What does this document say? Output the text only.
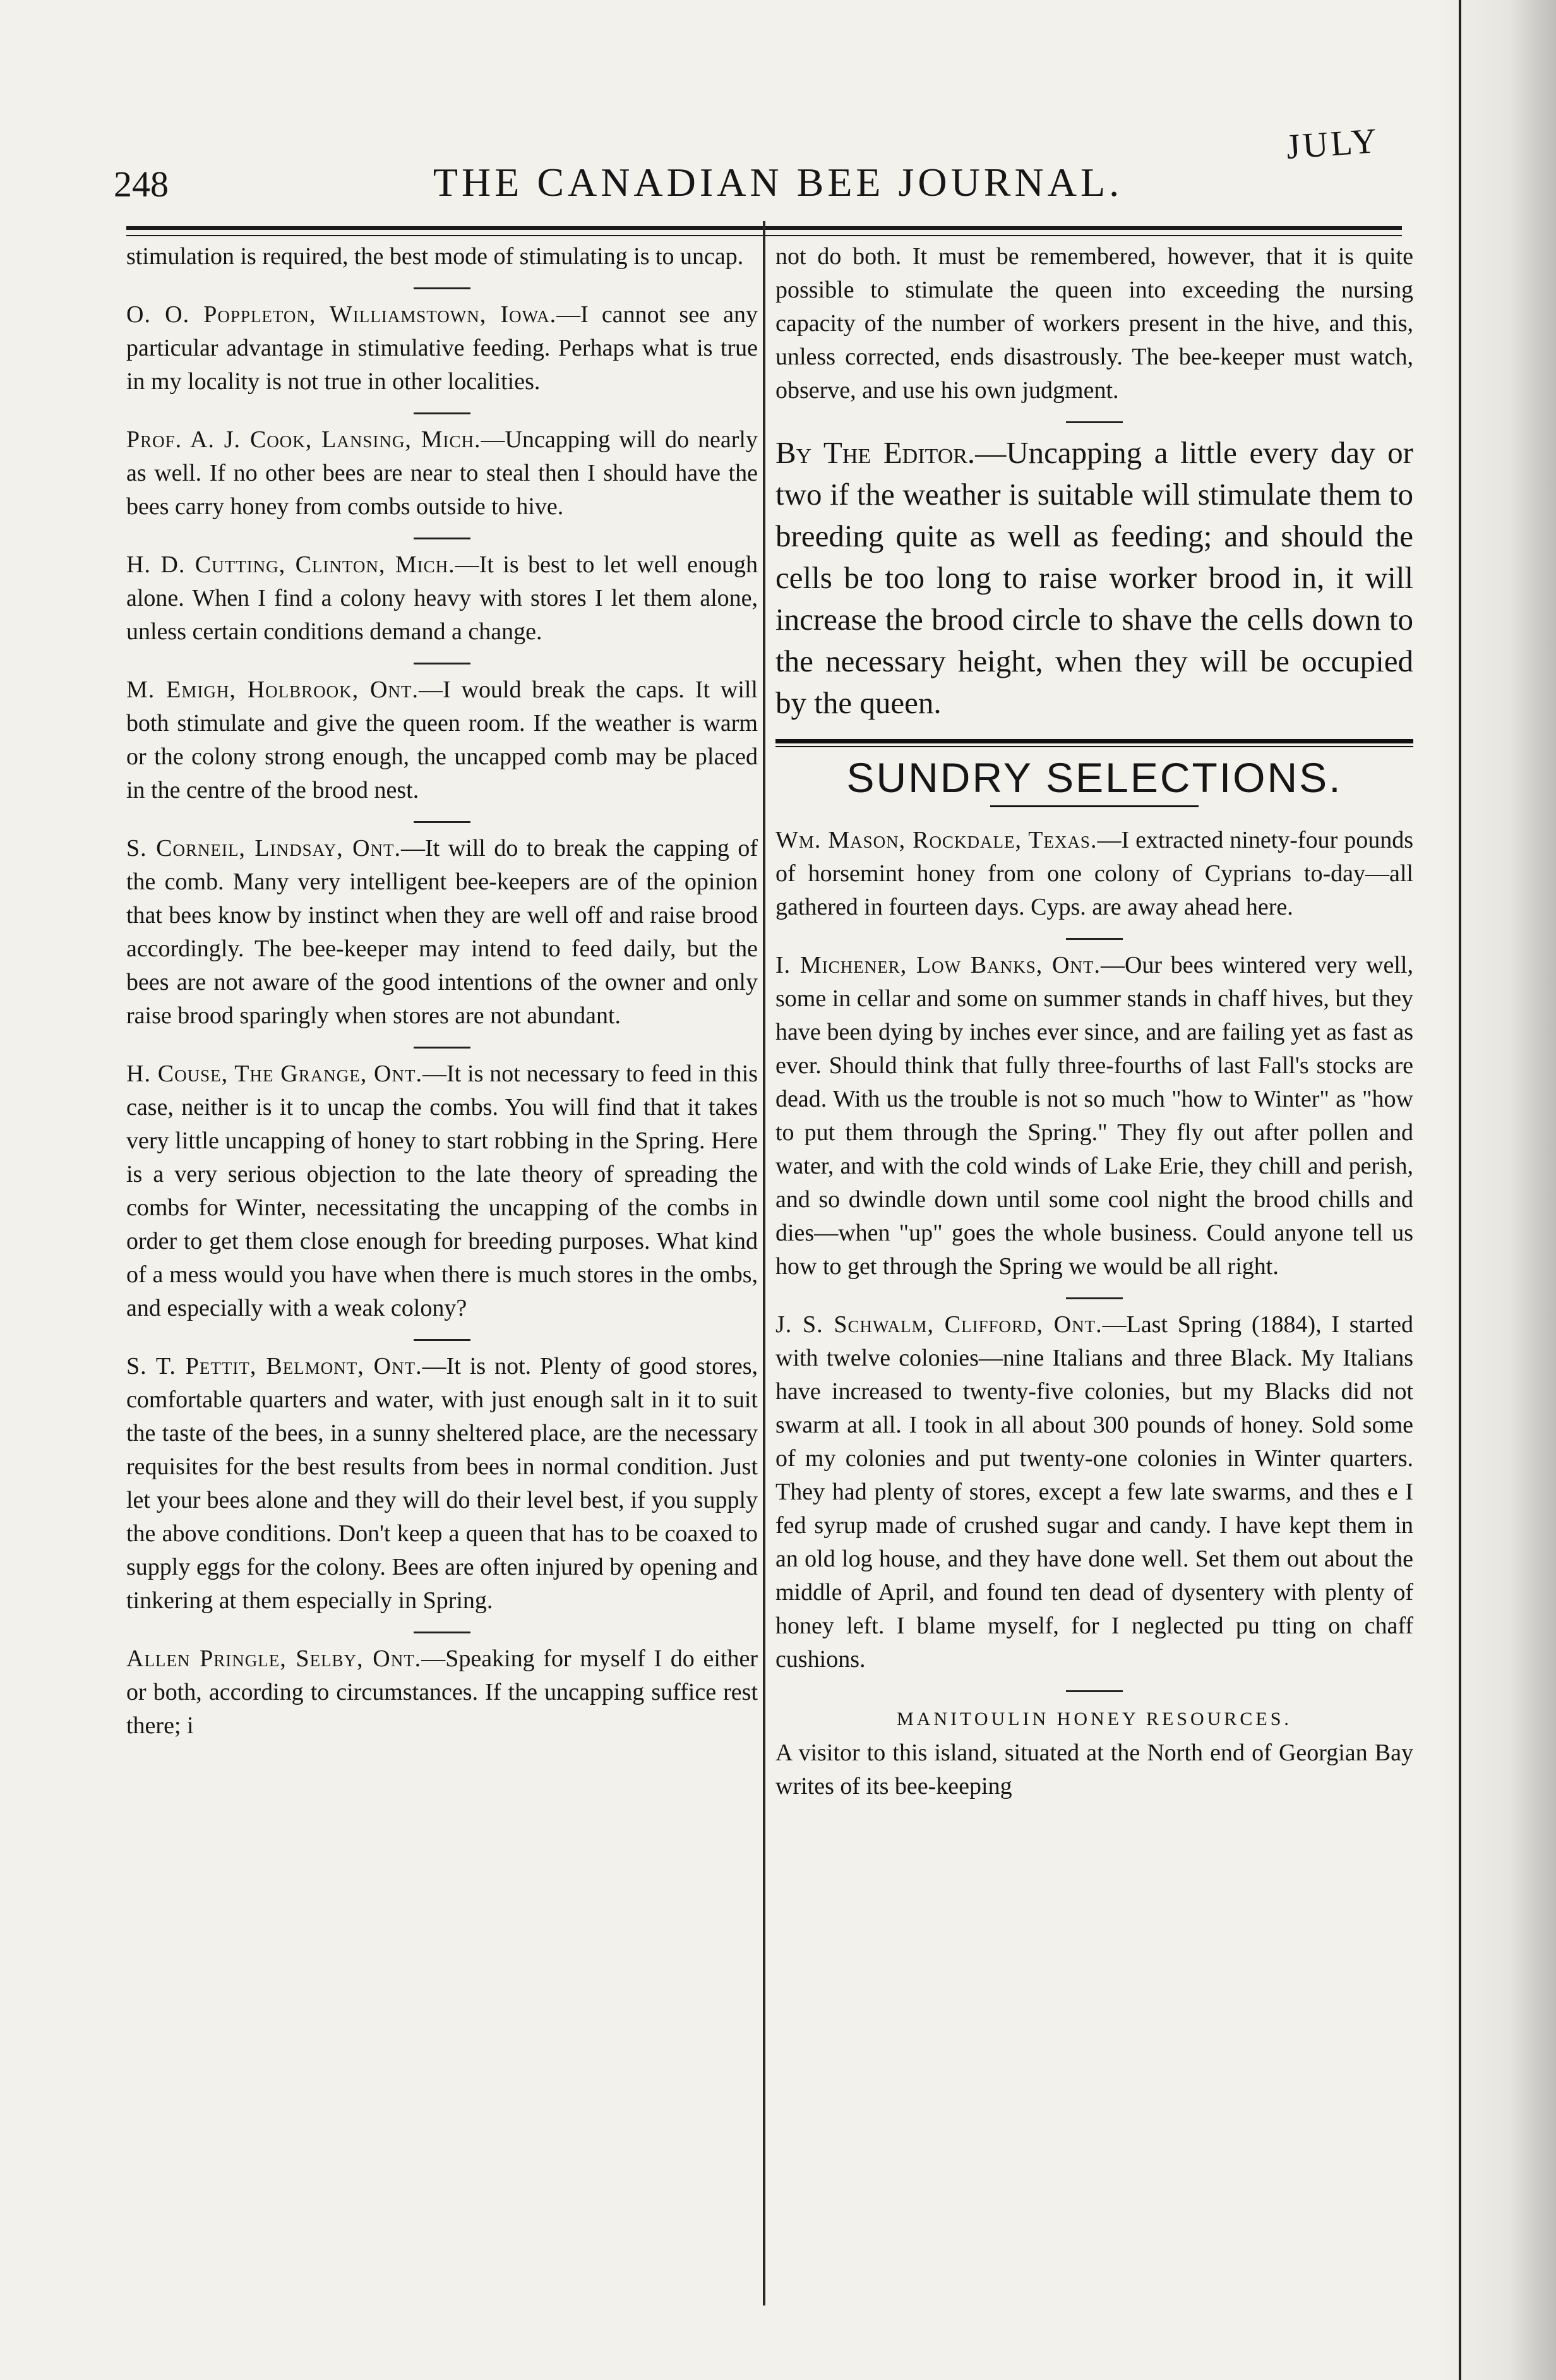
248	THE CANADIAN BEE JOURNAL.
JULY

stimulation is required, the best mode of stimulating is to uncap.

O. O. Poppleton, Williamstown, Iowa.—I cannot see any particular advantage in stimulative feeding. Perhaps what is true in my locality is not true in other localities.

Prof. A. J. Cook, Lansing, Mich.—Uncapping will do nearly as well. If no other bees are near to steal then I should have the bees carry honey from combs outside to hive.

H. D. Cutting, Clinton, Mich.—It is best to let well enough alone. When I find a colony heavy with stores I let them alone, unless certain conditions demand a change.

M. Emigh, Holbrook, Ont.—I would break the caps. It will both stimulate and give the queen room. If the weather is warm or the colony strong enough, the uncapped comb may be placed in the centre of the brood nest.

S. Corneil, Lindsay, Ont.—It will do to break the capping of the comb. Many very intelligent bee-keepers are of the opinion that bees know by instinct when they are well off and raise brood accordingly. The bee-keeper may intend to feed daily, but the bees are not aware of the good intentions of the owner and only raise brood sparingly when stores are not abundant.

H. Couse, The Grange, Ont.—It is not necessary to feed in this case, neither is it to uncap the combs. You will find that it takes very little uncapping of honey to start robbing in the Spring. Here is a very serious objection to the late theory of spreading the combs for Winter, necessitating the uncapping of the combs in order to get them close enough for breeding purposes. What kind of a mess would you have when there is much stores in the ombs, and especially with a weak colony?

S. T. Pettit, Belmont, Ont.—It is not. Plenty of good stores, comfortable quarters and water, with just enough salt in it to suit the taste of the bees, in a sunny sheltered place, are the necessary requisites for the best results from bees in normal condition. Just let your bees alone and they will do their level best, if you supply the above conditions. Don't keep a queen that has to be coaxed to supply eggs for the colony. Bees are often injured by opening and tinkering at them especially in Spring.

Allen Pringle, Selby, Ont.—Speaking for myself I do either or both, according to circumstances. If the uncapping suffice rest there; i

not do both. It must be remembered, however, that it is quite possible to stimulate the queen into exceeding the nursing capacity of the number of workers present in the hive, and this, unless corrected, ends disastrously. The bee-keeper must watch, observe, and use his own judgment.

By The Editor.—Uncapping a little every day or two if the weather is suitable will stimulate them to breeding quite as well as feeding; and should the cells be too long to raise worker brood in, it will increase the brood circle to shave the cells down to the necessary height, when they will be occupied by the queen.

SUNDRY SELECTIONS.

Wm. Mason, Rockdale, Texas.—I extracted ninety-four pounds of horsemint honey from one colony of Cyprians to-day—all gathered in fourteen days. Cyps. are away ahead here.

I. Michener, Low Banks, Ont.—Our bees wintered very well, some in cellar and some on summer stands in chaff hives, but they have been dying by inches ever since, and are failing yet as fast as ever. Should think that fully three-fourths of last Fall's stocks are dead. With us the trouble is not so much "how to Winter" as "how to put them through the Spring." They fly out after pollen and water, and with the cold winds of Lake Erie, they chill and perish, and so dwindle down until some cool night the brood chills and dies—when "up" goes the whole business. Could anyone tell us how to get through the Spring we would be all right.

J. S. Schwalm, Clifford, Ont.—Last Spring (1884), I started with twelve colonies—nine Italians and three Black. My Italians have increased to twenty-five colonies, but my Blacks did not swarm at all. I took in all about 300 pounds of honey. Sold some of my colonies and put twenty-one colonies in Winter quarters. They had plenty of stores, except a few late swarms, and thes e I fed syrup made of crushed sugar and candy. I have kept them in an old log house, and they have done well. Set them out about the middle of April, and found ten dead of dysentery with plenty of honey left. I blame myself, for I neglected pu tting on chaff cushions.

MANITOULIN HONEY RESOURCES.

A visitor to this island, situated at the North end of Georgian Bay writes of its bee-keeping
